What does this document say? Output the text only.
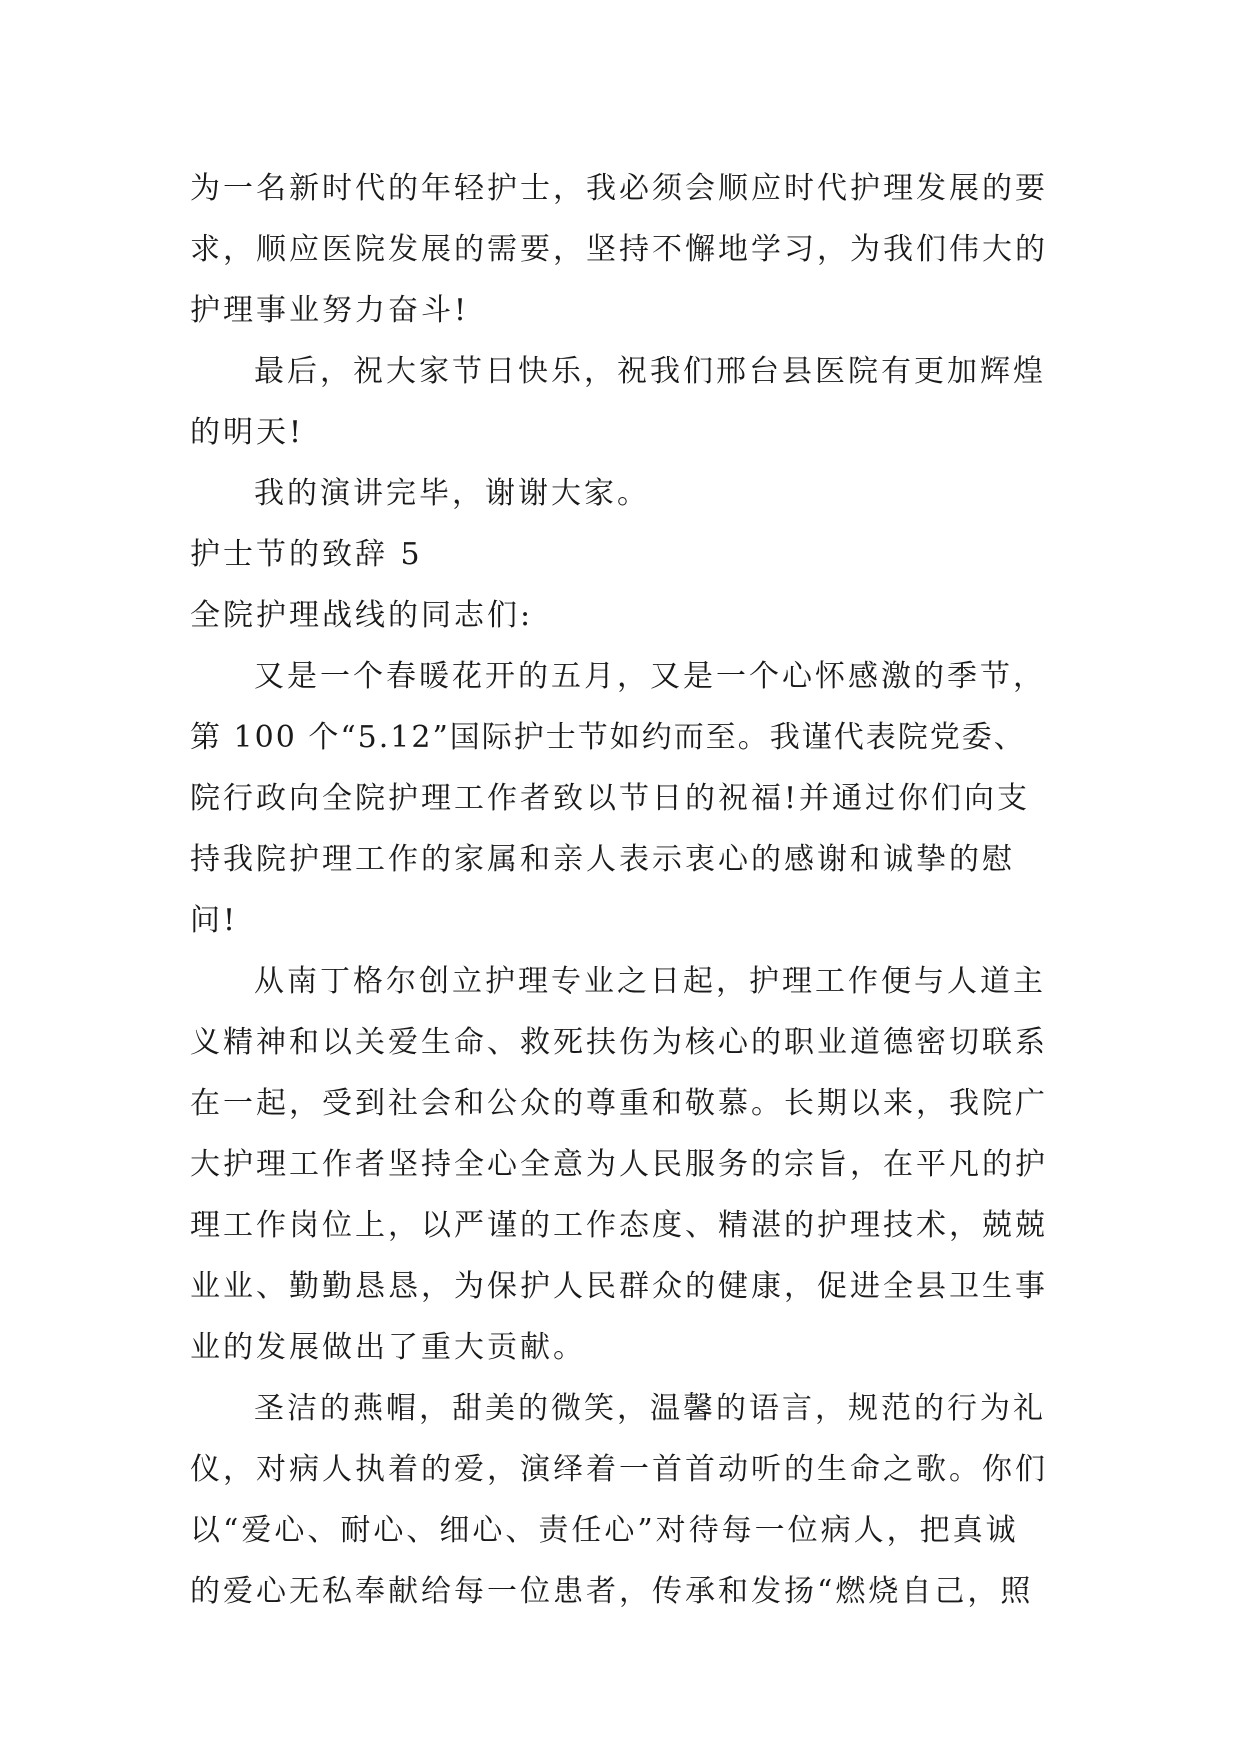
为一名新时代的年轻护士，我必须会顺应时代护理发展的要
求，顺应医院发展的需要，坚持不懈地学习，为我们伟大的
护理事业努力奋斗!
最后，祝大家节日快乐，祝我们邢台县医院有更加辉煌
的明天!
我的演讲完毕，谢谢大家。
护士节的致辞 5
全院护理战线的同志们:
又是一个春暖花开的五月，又是一个心怀感激的季节，
第 100 个“5.12”国际护士节如约而至。我谨代表院党委、
院行政向全院护理工作者致以节日的祝福!并通过你们向支
持我院护理工作的家属和亲人表示衷心的感谢和诚挚的慰
问!
从南丁格尔创立护理专业之日起，护理工作便与人道主
义精神和以关爱生命、救死扶伤为核心的职业道德密切联系
在一起，受到社会和公众的尊重和敬慕。长期以来，我院广
大护理工作者坚持全心全意为人民服务的宗旨，在平凡的护
理工作岗位上，以严谨的工作态度、精湛的护理技术，兢兢
业业、勤勤恳恳，为保护人民群众的健康，促进全县卫生事
业的发展做出了重大贡献。
圣洁的燕帽，甜美的微笑，温馨的语言，规范的行为礼
仪，对病人执着的爱，演绎着一首首动听的生命之歌。你们
以“爱心、耐心、细心、责任心”对待每一位病人，把真诚
的爱心无私奉献给每一位患者，传承和发扬“燃烧自己，照
